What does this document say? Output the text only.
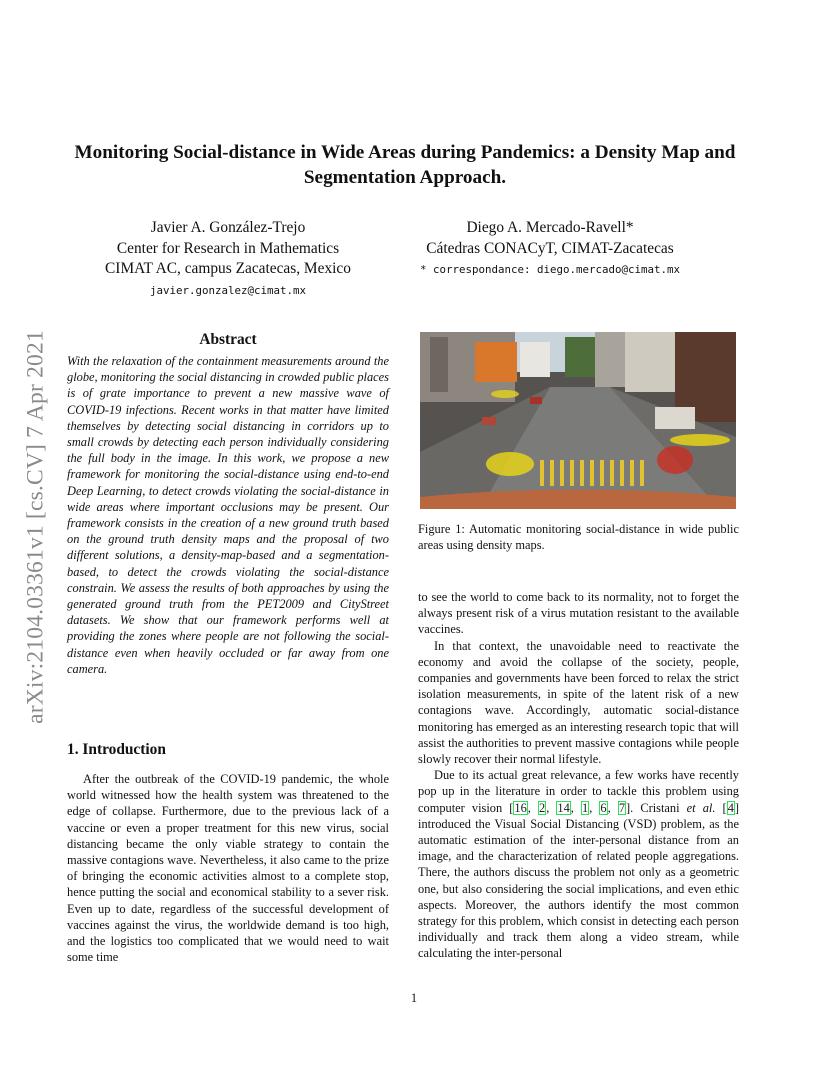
arXiv:2104.03361v1 [cs.CV] 7 Apr 2021
Monitoring Social-distance in Wide Areas during Pandemics: a Density Map and Segmentation Approach.
Javier A. González-Trejo
Center for Research in Mathematics
CIMAT AC, campus Zacatecas, Mexico
javier.gonzalez@cimat.mx
Diego A. Mercado-Ravell*
Cátedras CONACyT, CIMAT-Zacatecas
* correspondance: diego.mercado@cimat.mx
Abstract

With the relaxation of the containment measurements around the globe, monitoring the social distancing in crowded public places is of grate importance to prevent a new massive wave of COVID-19 infections. Recent works in that matter have limited themselves by detecting social distancing in corridors up to small crowds by detecting each person individually considering the full body in the image. In this work, we propose a new framework for monitoring the social-distance using end-to-end Deep Learning, to detect crowds violating the social-distance in wide areas where important occlusions may be present. Our framework consists in the creation of a new ground truth based on the ground truth density maps and the proposal of two different solutions, a density-map-based and a segmentation-based, to detect the crowds violating the social-distance constrain. We assess the results of both approaches by using the generated ground truth from the PET2009 and CityStreet datasets. We show that our framework performs well at providing the zones where people are not following the social-distance even when heavily occluded or far away from one camera.

1. Introduction

After the outbreak of the COVID-19 pandemic, the whole world witnessed how the health system was threatened to the edge of collapse. Furthermore, due to the previous lack of a vaccine or even a proper treatment for this new virus, social distancing became the only viable strategy to contain the massive contagions wave. Nevertheless, it also came to the prize of bringing the economic activities almost to a complete stop, hence putting the social and economical stability to a sever risk. Even up to date, regardless of the successful development of vaccines against the virus, the worldwide demand is too high, and the logistics too complicated that we would need to wait some time

Figure 1: Automatic monitoring social-distance in wide public areas using density maps.

to see the world to come back to its normality, not to forget the always present risk of a virus mutation resistant to the available vaccines.

In that context, the unavoidable need to reactivate the economy and avoid the collapse of the society, people, companies and governments have been forced to relax the strict isolation measurements, in spite of the latent risk of a new contagions wave. Accordingly, automatic social-distance monitoring has emerged as an interesting research topic that will assist the authorities to prevent massive contagions while people slowly recover their normal lifestyle.

Due to its actual great relevance, a few works have recently pop up in the literature in order to tackle this problem using computer vision [16, 2, 14, 1, 6, 7]. Cristani et al. [4] introduced the Visual Social Distancing (VSD) problem, as the automatic estimation of the inter-personal distance from an image, and the characterization of related people aggregations. There, the authors discuss the problem not only as a geometric one, but also considering the social implications, and even ethic aspects. Moreover, the authors identify the most common strategy for this problem, which consist in detecting each person individually and track them along a video stream, while calculating the inter-personal

1
